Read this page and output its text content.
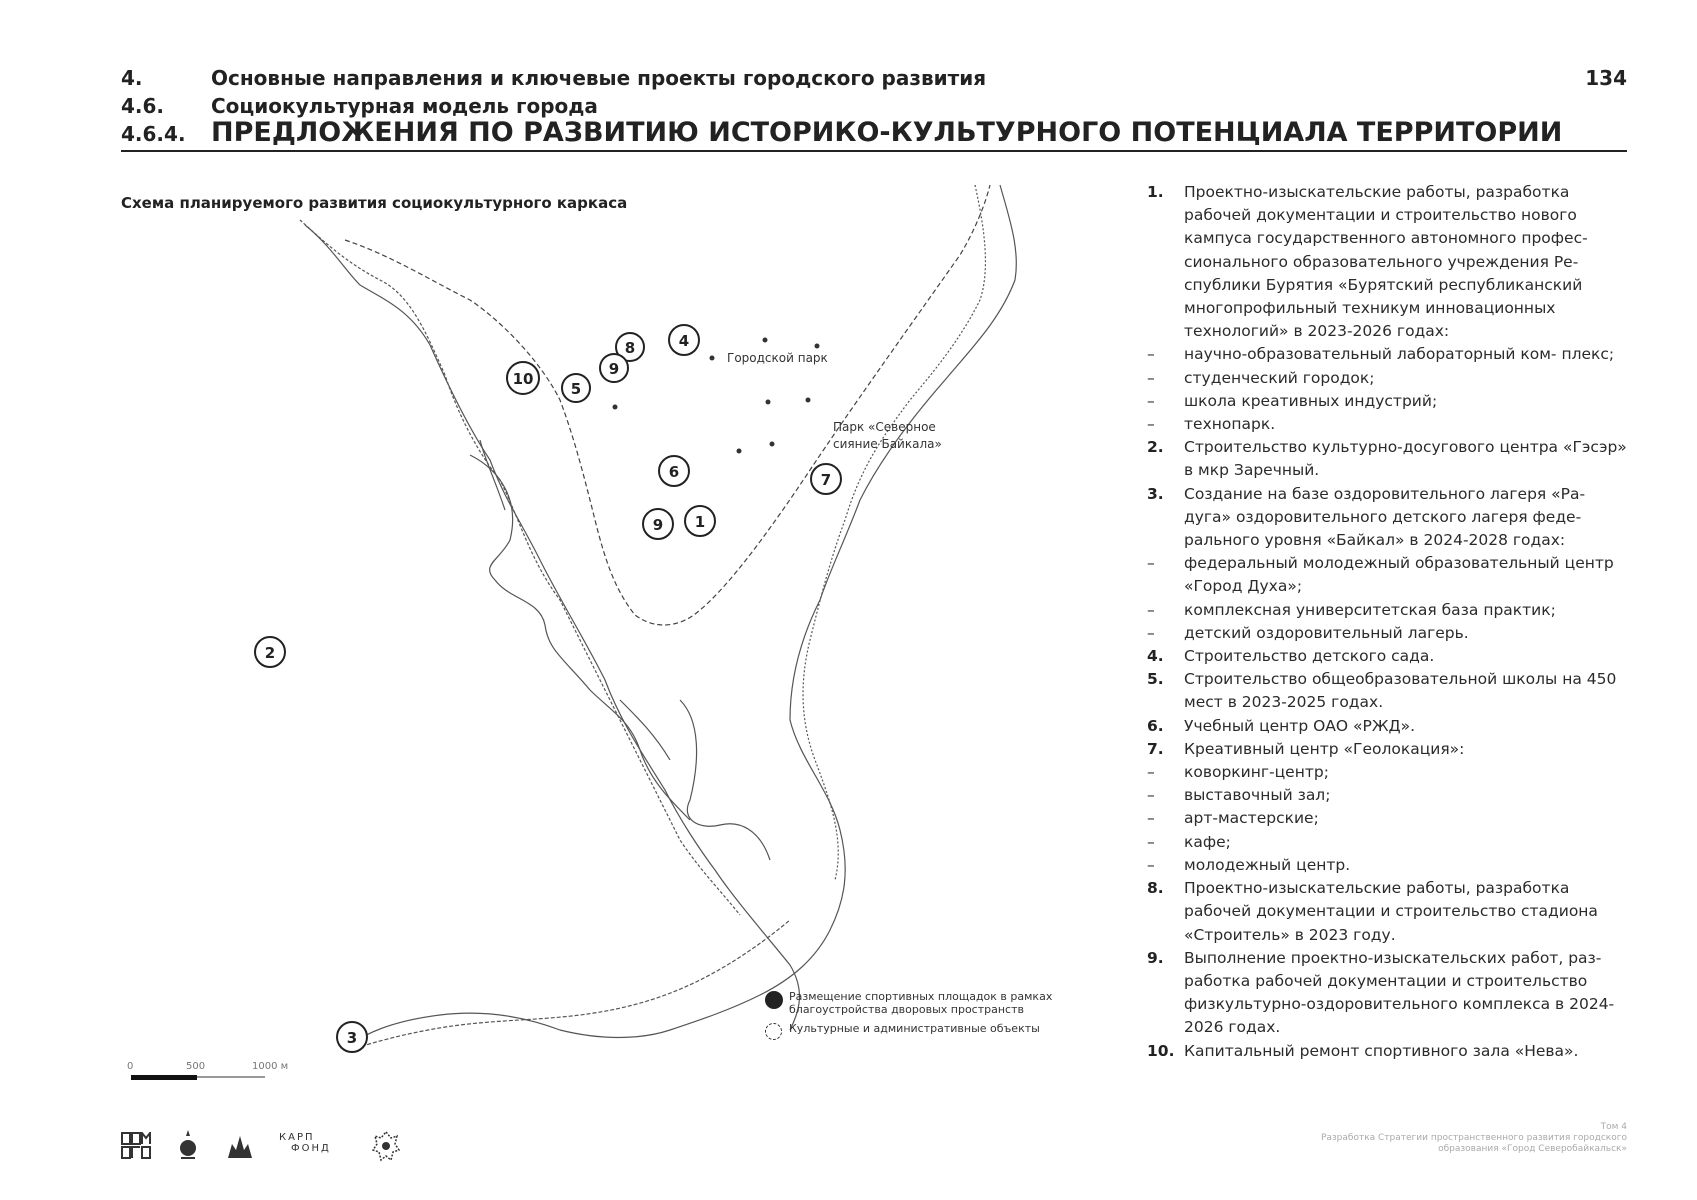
4.	Основные направления и ключевые проекты городского развития
4.6. Социокультурная модель города
4.6.4. ПРЕДЛОЖЕНИЯ ПО РАЗВИТИЮ ИСТОРИКО-КУЛЬТУРНОГО ПОТЕНЦИАЛА ТЕРРИТОРИИ
134
Схема планируемого развития социокультурного каркаса
Городской парк
Парк «Северное
сияние Байкала»
4
8
9
5
10
6	7
9 1
2
3
0	500	1000 м
Размещение спортивных площадок в рамках благоустройства дворовых пространств
Культурные и административные объекты
1.	Проектно-изыскательские работы, разработка рабочей документации и строительство нового кампуса государственного автономного профес- сионального образовательного учреждения Ре- спублики Бурятия «Бурятский республиканский многопрофильный техникум инновационных технологий» в 2023-2026 годах:
–	научно-образовательный лабораторный ком- плекс;
–	студенческий городок;
–	школа креативных индустрий;
–	технопарк.
2.	Строительство культурно-досугового центра «Гэсэр» в мкр Заречный.
3.	Создание на базе оздоровительного лагеря «Ра- дуга» оздоровительного детского лагеря феде- рального уровня «Байкал» в 2024-2028 годах:
–	федеральный молодежный образовательный центр «Город Духа»;
–	комплексная университетская база практик;
–	детский оздоровительный лагерь.
4.	Строительство детского сада.
5.	Строительство общеобразовательной школы на 450 мест в 2023-2025 годах.
6.	Учебный центр ОАО «РЖД».
7.	Креативный центр «Геолокация»:
–	коворкинг-центр;
–	выставочный зал;
–	арт-мастерские;
–	кафе;
–	молодежный центр.
8.	Проектно-изыскательские работы, разработка рабочей документации и строительство стадиона «Строитель» в 2023 году.
9.	Выполнение проектно-изыскательских работ, раз- работка рабочей документации и строительство физкультурно-оздоровительного комплекса в 2024-2026 годах.
10. Капитальный ремонт спортивного зала «Нева».
КАРП
ФОНД
Том 4
Разработка Стратегии пространственного развития городского
образования «Город Северобайкальск»
